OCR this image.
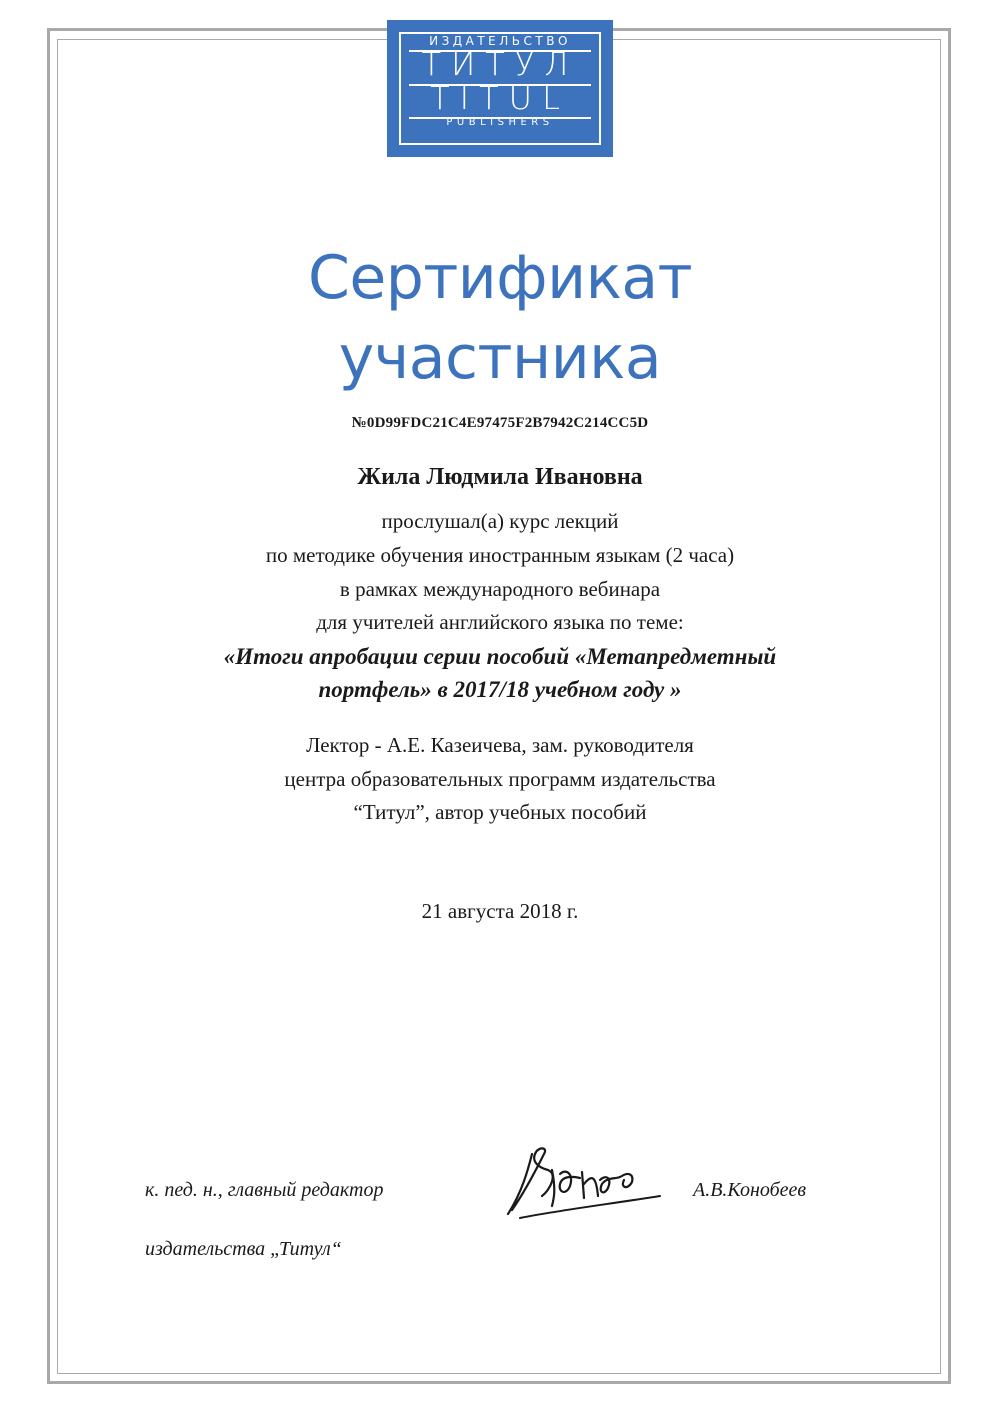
ИЗДАТЕЛЬСТВО
ТИТУЛ
TITUL
PUBLISHERS
Сертификат
участника
№0D99FDC21C4E97475F2B7942C214CC5D
Жила Людмила Ивановна
прослушал(а) курс лекций
по методике обучения иностранным языкам (2 часа)
в рамках международного вебинара
для учителей английского языка по теме:
«Итоги апробации серии пособий «Метапредметный
портфель» в 2017/18 учебном году »
Лектор - А.Е. Казеичева, зам. руководителя
центра образовательных программ издательства
“Титул”, автор учебных пособий
21 августа 2018 г.
к. пед. н., главный редактор
издательства „Титул“
А.В.Конобеев
